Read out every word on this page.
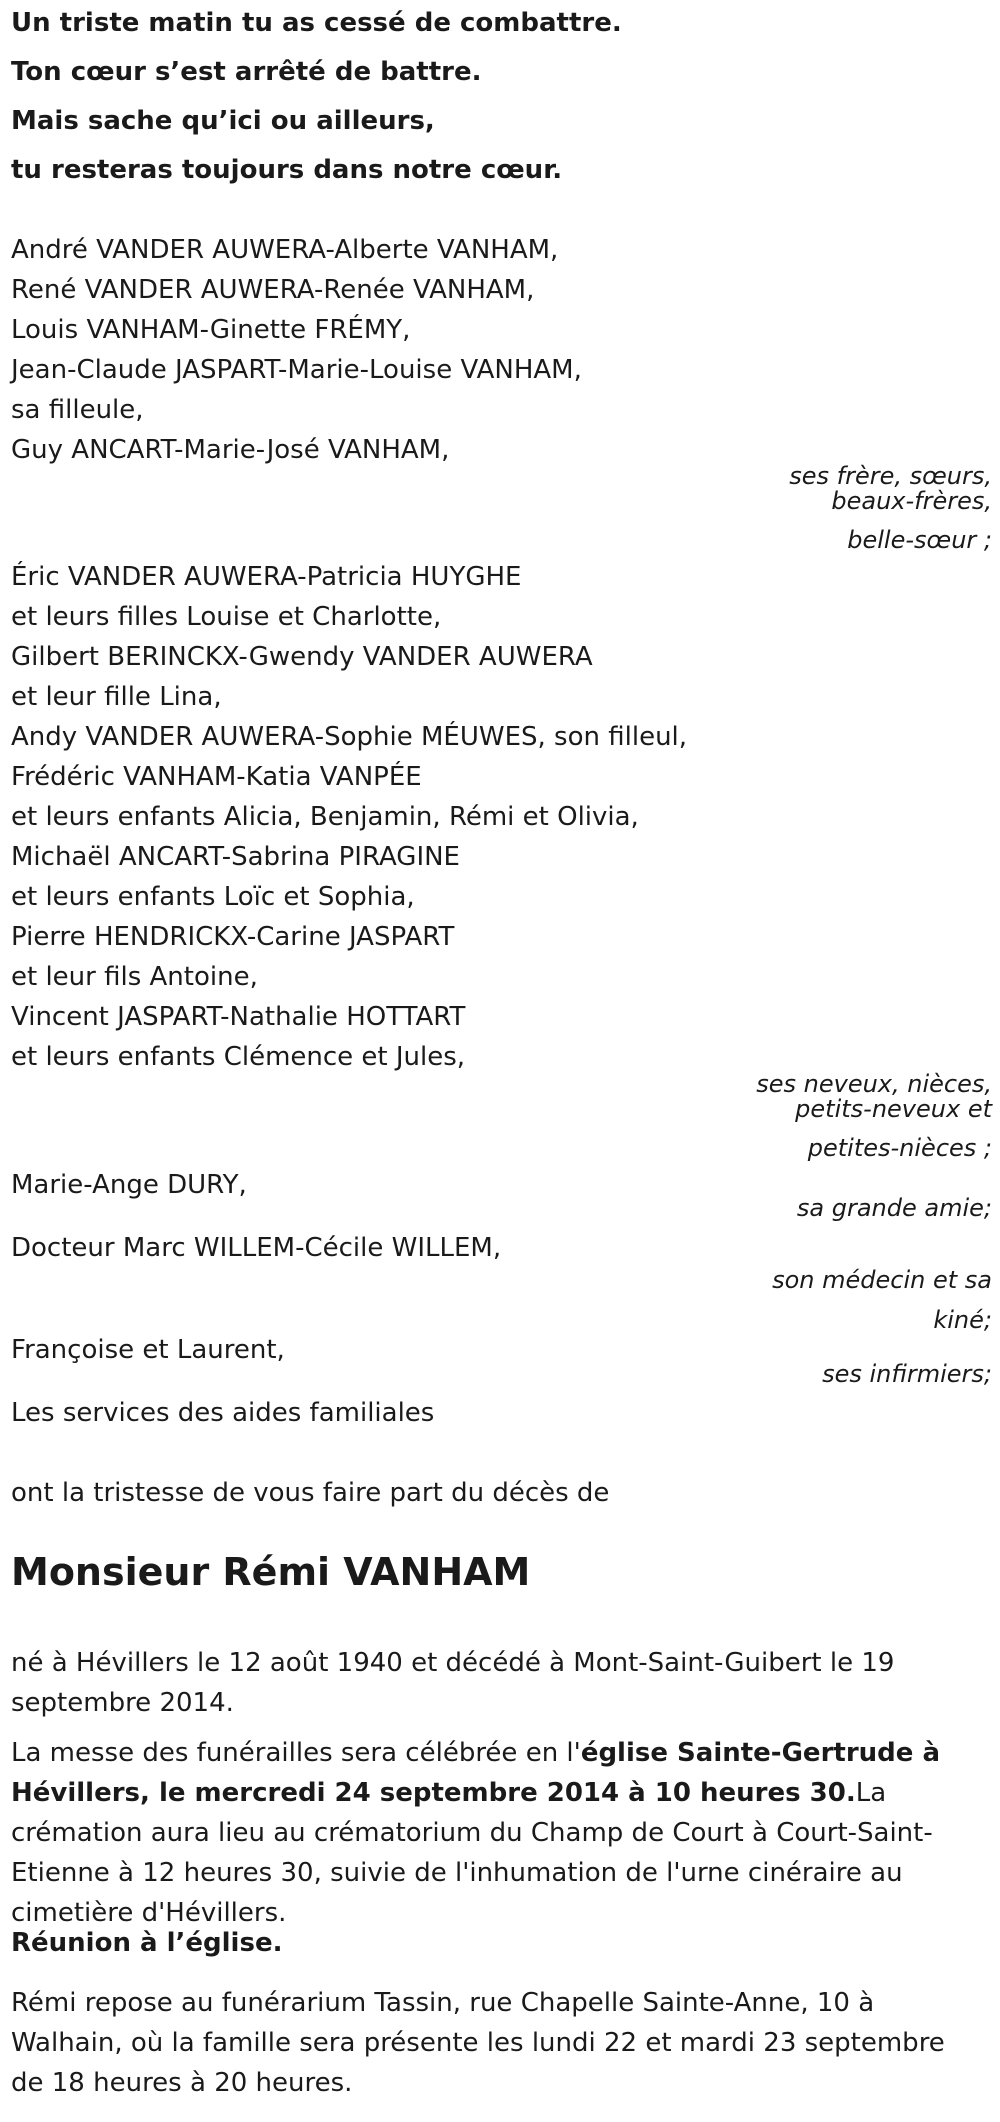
Un triste matin tu as cessé de combattre.
Ton cœur s’est arrêté de battre.
Mais sache qu’ici ou ailleurs,
tu resteras toujours dans notre cœur.
André VANDER AUWERA-Alberte VANHAM,
René VANDER AUWERA-Renée VANHAM,
Louis VANHAM-Ginette FRÉMY,
Jean-Claude JASPART-Marie-Louise VANHAM,
sa filleule,
Guy ANCART-Marie-José VANHAM,
ses frère, sœurs,
beaux-frères,
belle-sœur ;
Éric VANDER AUWERA-Patricia HUYGHE
et leurs filles Louise et Charlotte,
Gilbert BERINCKX-Gwendy VANDER AUWERA
et leur fille Lina,
Andy VANDER AUWERA-Sophie MÉUWES, son filleul,
Frédéric VANHAM-Katia VANPÉE
et leurs enfants Alicia, Benjamin, Rémi et Olivia,
Michaël ANCART-Sabrina PIRAGINE
et leurs enfants Loïc et Sophia,
Pierre HENDRICKX-Carine JASPART
et leur fils Antoine,
Vincent JASPART-Nathalie HOTTART
et leurs enfants Clémence et Jules,
ses neveux, nièces,
petits-neveux et
petites-nièces ;
Marie-Ange DURY,
sa grande amie;
Docteur Marc WILLEM-Cécile WILLEM,
son médecin et sa
kiné;
Françoise et Laurent,
ses infirmiers;
Les services des aides familiales
ont la tristesse de vous faire part du décès de
Monsieur Rémi VANHAM
né à Hévillers le 12 août 1940 et décédé à Mont-Saint-Guibert le 19 septembre 2014.
La messe des funérailles sera célébrée en l'église Sainte-Gertrude à Hévillers, le mercredi 24 septembre 2014 à 10 heures 30.La crémation aura lieu au crématorium du Champ de Court à Court-Saint-Etienne à 12 heures 30, suivie de l'inhumation de l'urne cinéraire au cimetière d'Hévillers.
Réunion à l’église.
Rémi repose au funérarium Tassin, rue Chapelle Sainte-Anne, 10 à Walhain, où la famille sera présente les lundi 22 et mardi 23 septembre de 18 heures à 20 heures.
